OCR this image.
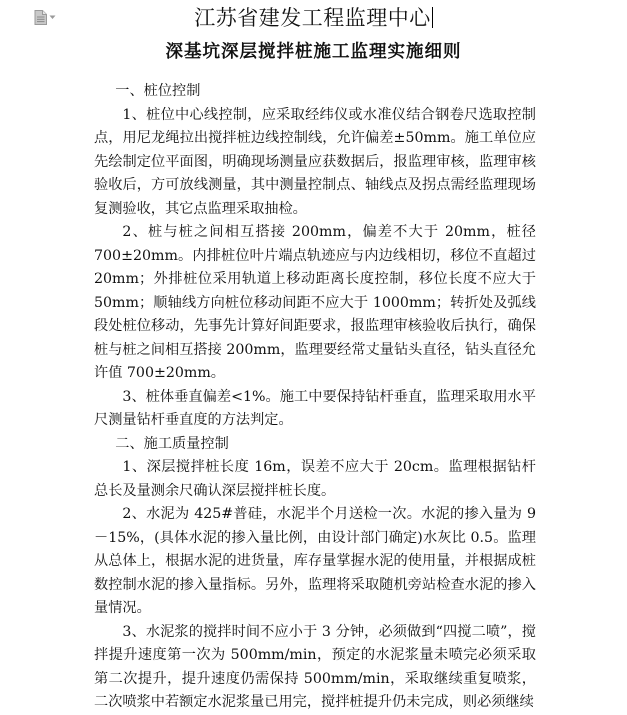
江苏省建发工程监理中心
深基坑深层搅拌桩施工监理实施细则

一、桩位控制

1、桩位中心线控制，应采取经纬仪或水准仪结合钢卷尺选取控制点，用尼龙绳拉出搅拌桩边线控制线，允许偏差±50mm。施工单位应先绘制定位平面图，明确现场测量应获数据后，报监理审核，监理审核验收后，方可放线测量，其中测量控制点、轴线点及拐点需经监理现场复测验收，其它点监理采取抽检。

2、桩与桩之间相互搭接 200mm，偏差不大于 20mm，桩径 700±20mm。内排桩位叶片端点轨迹应与内边线相切，移位不直超过 20mm；外排桩位采用轨道上移动距离长度控制，移位长度不应大于 50mm；顺轴线方向桩位移动间距不应大于 1000mm；转折处及弧线段处桩位移动，先事先计算好间距要求，报监理审核验收后执行，确保桩与桩之间相互搭接 200mm，监理要经常丈量钻头直径，钻头直径允许值 700±20mm。

3、桩体垂直偏差<1%。施工中要保持钻杆垂直，监理采取用水平尺测量钻杆垂直度的方法判定。

二、施工质量控制

1、深层搅拌桩长度 16m，误差不应大于 20cm。监理根据钻杆总长及量测余尺确认深层搅拌桩长度。

2、水泥为 425#普硅，水泥半个月送检一次。水泥的掺入量为 9－15%，(具体水泥的掺入量比例，由设计部门确定)水灰比 0.5。监理从总体上，根据水泥的进货量，库存量掌握水泥的使用量，并根据成桩数控制水泥的掺入量指标。另外，监理将采取随机旁站检查水泥的掺入量情况。

3、水泥浆的搅拌时间不应小于 3 分钟，必须做到“四搅二喷”，搅拌提升速度第一次为 500mm/min，预定的水泥浆量未喷完必须采取第二次提升，提升速度仍需保持 500mm/min，采取继续重复喷浆，二次喷浆中若额定水泥浆量已用完，搅拌桩提升仍未完成，则必须继续
